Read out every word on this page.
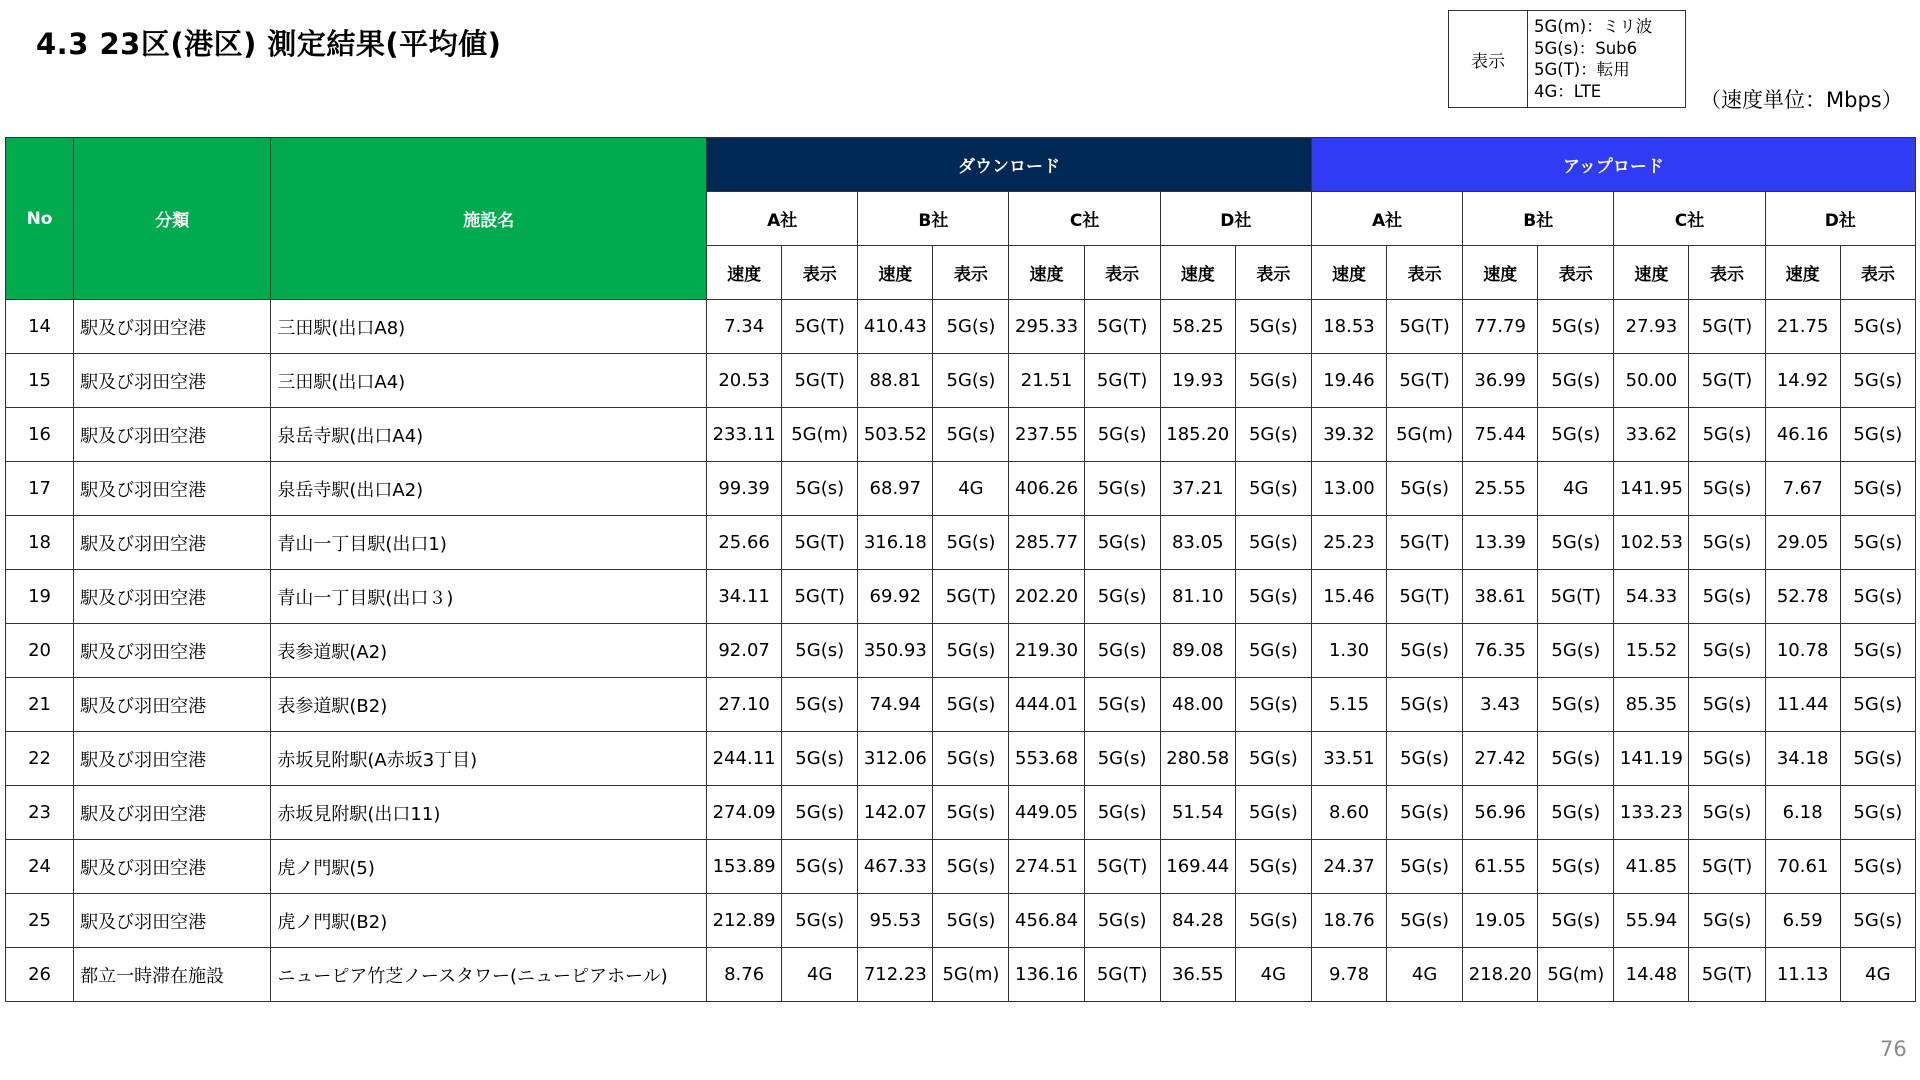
4.3 23区(港区) 測定結果(平均値)
表示
5G(m)：ミリ波
5G(s)：Sub6
5G(T)：転用
4G：LTE	（速度単位：Mbps）
No	分類	施設名	ダウンロード								アップロード							
			A社		B社		C社		D社		A社		B社		C社		D社	
			速度	表示	速度	表示	速度	表示	速度	表示	速度	表示	速度	表示	速度	表示	速度	表示
14	駅及び羽田空港	三田駅(出口A8)	7.34	5G(T)	410.43	5G(s)	295.33	5G(T)	58.25	5G(s)	18.53	5G(T)	77.79	5G(s)	27.93	5G(T)	21.75	5G(s)
15	駅及び羽田空港	三田駅(出口A4)	20.53	5G(T)	88.81	5G(s)	21.51	5G(T)	19.93	5G(s)	19.46	5G(T)	36.99	5G(s)	50.00	5G(T)	14.92	5G(s)
16	駅及び羽田空港	泉岳寺駅(出口A4)	233.11	5G(m)	503.52	5G(s)	237.55	5G(s)	185.20	5G(s)	39.32	5G(m)	75.44	5G(s)	33.62	5G(s)	46.16	5G(s)
17	駅及び羽田空港	泉岳寺駅(出口A2)	99.39	5G(s)	68.97	4G	406.26	5G(s)	37.21	5G(s)	13.00	5G(s)	25.55	4G	141.95	5G(s)	7.67	5G(s)
18	駅及び羽田空港	青山一丁目駅(出口1)	25.66	5G(T)	316.18	5G(s)	285.77	5G(s)	83.05	5G(s)	25.23	5G(T)	13.39	5G(s)	102.53	5G(s)	29.05	5G(s)
19	駅及び羽田空港	青山一丁目駅(出口３)	34.11	5G(T)	69.92	5G(T)	202.20	5G(s)	81.10	5G(s)	15.46	5G(T)	38.61	5G(T)	54.33	5G(s)	52.78	5G(s)
20	駅及び羽田空港	表参道駅(A2)	92.07	5G(s)	350.93	5G(s)	219.30	5G(s)	89.08	5G(s)	1.30	5G(s)	76.35	5G(s)	15.52	5G(s)	10.78	5G(s)
21	駅及び羽田空港	表参道駅(B2)	27.10	5G(s)	74.94	5G(s)	444.01	5G(s)	48.00	5G(s)	5.15	5G(s)	3.43	5G(s)	85.35	5G(s)	11.44	5G(s)
22	駅及び羽田空港	赤坂見附駅(A赤坂3丁目)	244.11	5G(s)	312.06	5G(s)	553.68	5G(s)	280.58	5G(s)	33.51	5G(s)	27.42	5G(s)	141.19	5G(s)	34.18	5G(s)
23	駅及び羽田空港	赤坂見附駅(出口11)	274.09	5G(s)	142.07	5G(s)	449.05	5G(s)	51.54	5G(s)	8.60	5G(s)	56.96	5G(s)	133.23	5G(s)	6.18	5G(s)
24	駅及び羽田空港	虎ノ門駅(5)	153.89	5G(s)	467.33	5G(s)	274.51	5G(T)	169.44	5G(s)	24.37	5G(s)	61.55	5G(s)	41.85	5G(T)	70.61	5G(s)
25	駅及び羽田空港	虎ノ門駅(B2)	212.89	5G(s)	95.53	5G(s)	456.84	5G(s)	84.28	5G(s)	18.76	5G(s)	19.05	5G(s)	55.94	5G(s)	6.59	5G(s)
26	都立一時滞在施設	ニューピア竹芝ノースタワー(ニューピアホール)	8.76	4G	712.23	5G(m)	136.16	5G(T)	36.55	4G	9.78	4G	218.20	5G(m)	14.48	5G(T)	11.13	4G
76
